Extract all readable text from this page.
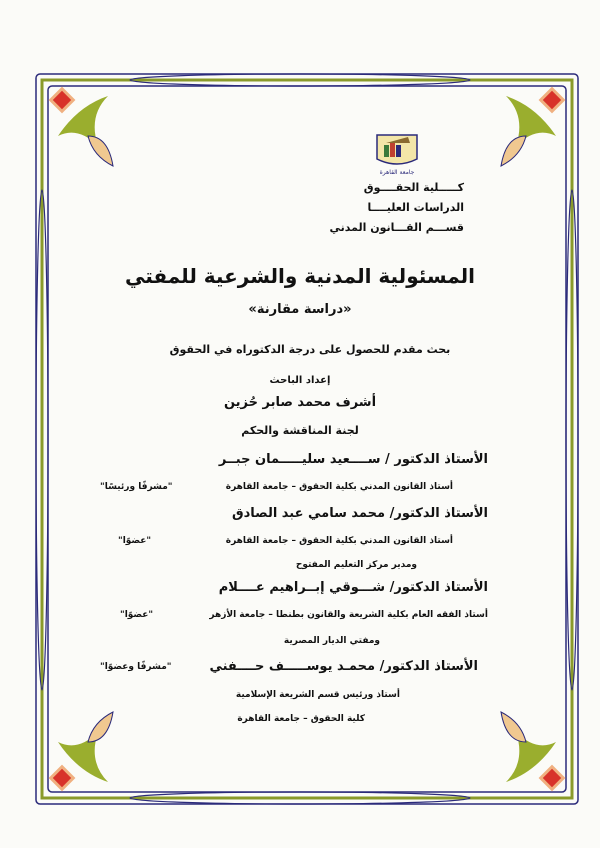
جامعة القاهرة
كـــــلية الحقــــوق
الدراسات العليــــا
قســـم القـــانون المدني
المسئولية المدنية والشرعية للمفتي
«دراسة مقارنة»
بحث مقدم للحصول على درجة الدكتوراه في الحقوق
إعداد الباحث
أشرف محمد صابر حُزين
لجنة المناقشة والحكم
الأستاذ الدكتور / ســــعيد سليـــــمان جبــر
أستاذ القانون المدني بكلية الحقوق – جامعة القاهرة
"مشرفًا ورئيسًا"
الأستاذ الدكتور/ محمد سامي عبد الصادق
أستاذ القانون المدني بكلية الحقوق – جامعة القاهرة
"عضوًا"
ومدير مركز التعليم المفتوح
الأستاذ الدكتور/ شـــوقي إبــراهيم عــــلام
أستاذ الفقه العام بكلية الشريعة والقانون بطنطا – جامعة الأزهر
"عضوًا"
ومفتي الديار المصرية
الأستاذ الدكتور/ محمـد يوســـــف حــــفني
"مشرفًا وعضوًا"
أستاذ ورئيس قسم الشريعة الإسلامية
كلية الحقوق – جامعة القاهرة
